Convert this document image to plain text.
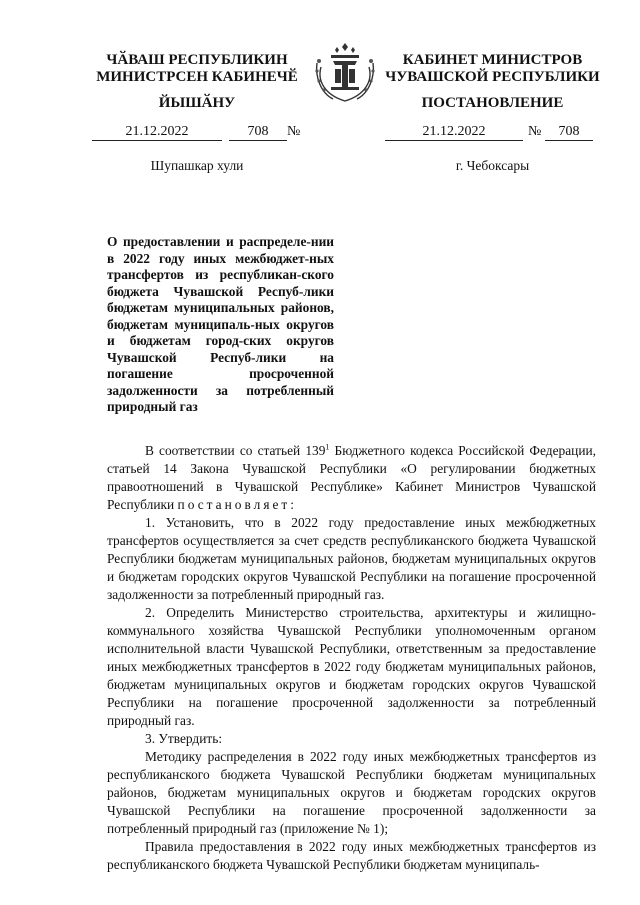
ЧӐВАШ РЕСПУБЛИКИН
МИНИСТРСЕН КАБИНЕЧӖ
ЙЫШӐНУ
КАБИНЕТ МИНИСТРОВ
ЧУВАШСКОЙ РЕСПУБЛИКИ
ПОСТАНОВЛЕНИЕ
21.12.2022	708	№	21.12.2022	№	708
Шупашкар хули	г. Чебоксары
О предоставлении и распределе-нии в 2022 году иных межбюджет-ных трансфертов из республикан-ского бюджета Чувашской Респуб-лики бюджетам муниципальных районов, бюджетам муниципаль-ных округов и бюджетам город-ских округов Чувашской Респуб-лики на погашение просроченной задолженности за потребленный природный газ

В соответствии со статьей $139^1$ Бюджетного кодекса Российской Федерации, статьей 14 Закона Чувашской Республики «О регулировании бюджетных правоотношений в Чувашской Республике» Кабинет Министров Чувашской Республики постановляет:

1. Установить, что в 2022 году предоставление иных межбюджетных трансфертов осуществляется за счет средств республиканского бюджета Чувашской Республики бюджетам муниципальных районов, бюджетам муниципальных округов и бюджетам городских округов Чувашской Республики на погашение просроченной задолженности за потребленный природный газ.

2. Определить Министерство строительства, архитектуры и жилищно-коммунального хозяйства Чувашской Республики уполномоченным органом исполнительной власти Чувашской Республики, ответственным за предоставление иных межбюджетных трансфертов в 2022 году бюджетам муниципальных районов, бюджетам муниципальных округов и бюджетам городских округов Чувашской Республики на погашение просроченной задолженности за потребленный природный газ.

3. Утвердить:

Методику распределения в 2022 году иных межбюджетных трансфертов из республиканского бюджета Чувашской Республики бюджетам муниципальных районов, бюджетам муниципальных округов и бюджетам городских округов Чувашской Республики на погашение просроченной задолженности за потребленный природный газ (приложение № 1);

Правила предоставления в 2022 году иных межбюджетных трансфертов из республиканского бюджета Чувашской Республики бюджетам муниципаль-
